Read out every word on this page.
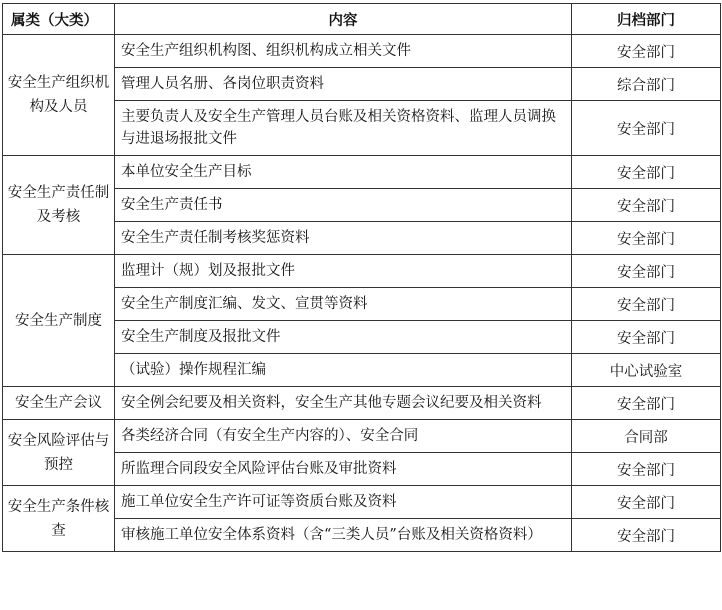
属类（大类）	内容	归档部门
安全生产组织机构及人员	安全生产组织机构图、组织机构成立相关文件	安全部门
	管理人员名册、各岗位职责资料	综合部门
	主要负责人及安全生产管理人员台账及相关资格资料、监理人员调换与进退场报批文件	安全部门
安全生产责任制及考核	本单位安全生产目标	安全部门
	安全生产责任书	安全部门
	安全生产责任制考核奖惩资料	安全部门
安全生产制度	监理计（规）划及报批文件	安全部门
	安全生产制度汇编、发文、宣贯等资料	安全部门
	安全生产制度及报批文件	安全部门
	（试验）操作规程汇编	中心试验室
安全生产会议	安全例会纪要及相关资料，安全生产其他专题会议纪要及相关资料	安全部门
安全风险评估与预控	各类经济合同（有安全生产内容的）、安全合同	合同部
	所监理合同段安全风险评估台账及审批资料	安全部门
安全生产条件核查	施工单位安全生产许可证等资质台账及资料	安全部门
	审核施工单位安全体系资料（含“三类人员”台账及相关资格资料）	安全部门
